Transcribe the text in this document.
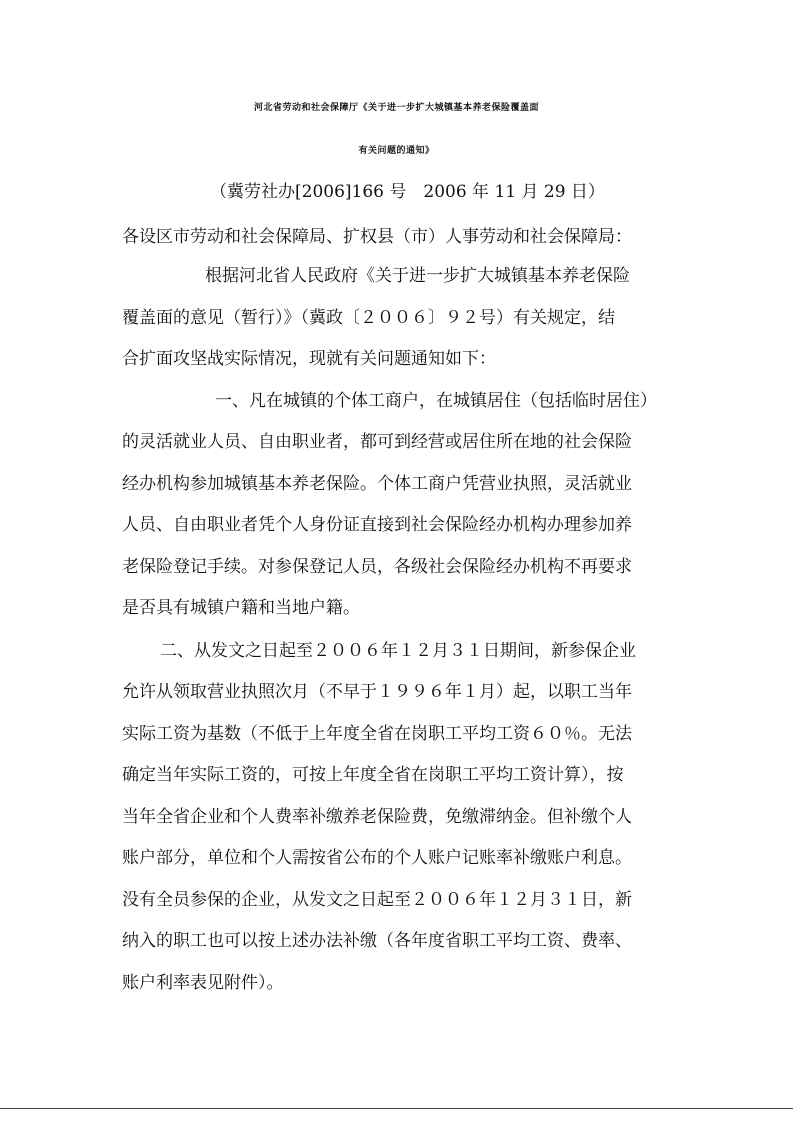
河北省劳动和社会保障厅《关于进一步扩大城镇基本养老保险覆盖面
有关问题的通知》
（冀劳社办[2006]166 号　2006 年 11 月 29 日）
各设区市劳动和社会保障局、扩权县（市）人事劳动和社会保障局：
根据河北省人民政府《关于进一步扩大城镇基本养老保险
覆盖面的意见（暂行）》（冀政〔２００６〕９２号）有关规定，结
合扩面攻坚战实际情况，现就有关问题通知如下：
一、凡在城镇的个体工商户，在城镇居住（包括临时居住）
的灵活就业人员、自由职业者，都可到经营或居住所在地的社会保险
经办机构参加城镇基本养老保险。个体工商户凭营业执照，灵活就业
人员、自由职业者凭个人身份证直接到社会保险经办机构办理参加养
老保险登记手续。对参保登记人员，各级社会保险经办机构不再要求
是否具有城镇户籍和当地户籍。
二、从发文之日起至２００６年１２月３１日期间，新参保企业
允许从领取营业执照次月（不早于１９９６年１月）起，以职工当年
实际工资为基数（不低于上年度全省在岗职工平均工资６０％。无法
确定当年实际工资的，可按上年度全省在岗职工平均工资计算），按
当年全省企业和个人费率补缴养老保险费，免缴滞纳金。但补缴个人
账户部分，单位和个人需按省公布的个人账户记账率补缴账户利息。
没有全员参保的企业，从发文之日起至２００６年１２月３１日，新
纳入的职工也可以按上述办法补缴（各年度省职工平均工资、费率、
账户利率表见附件）。
